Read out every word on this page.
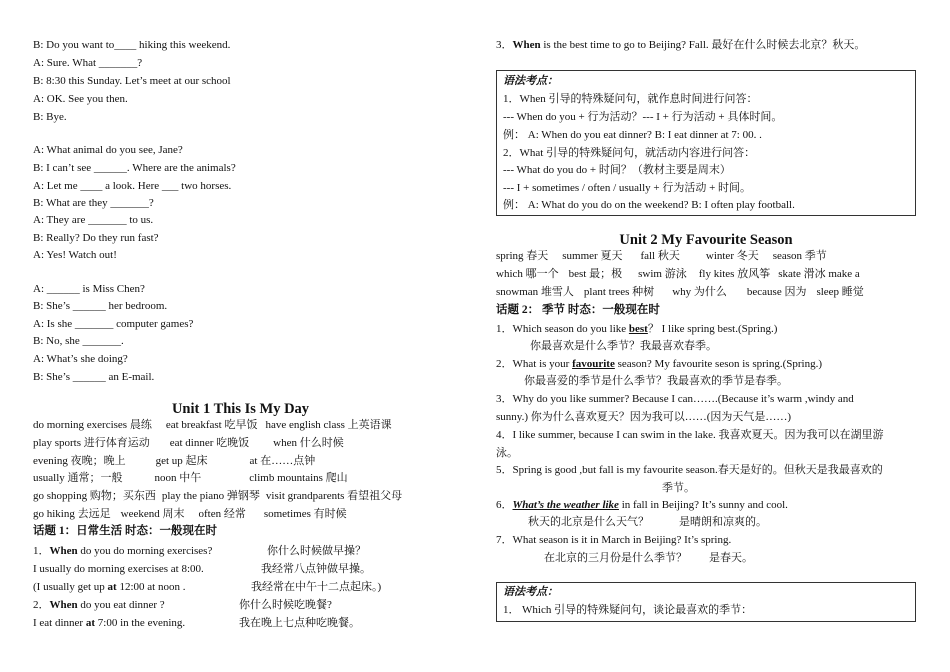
B: Do you want to____ hiking this weekend.
A: Sure. What _______?
B: 8:30 this Sunday. Let’s meet at our school
A: OK. See you then.
B: Bye.
A: What animal do you see, Jane?
B: I can’t see ______. Where are the animals?
A: Let me ____ a look. Here ___ two horses.
B: What are they _______?
A: They are _______ to us.
B: Really? Do they run fast?
A: Yes! Watch out!
A: ______ is Miss Chen?
B: She’s ______ her bedroom.
A: Is she _______ computer games?
B: No, she _______.
A: What’s she doing?
B: She’s ______ an E-mail.
Unit 1 This Is My Day
do morning exercises 晨练 eat breakfast 吃早饭 have english class 上英语课
play sports 进行体育运动 eat dinner 吃晚饭 when 什么时候
evening 夜晚；晚上	get up 起床	at 在……点钟
usually 通常；一般	noon 中午	climb mountains 爬山
go shopping 购物；买东西 play the piano 弹钢琴 visit grandparents 看望祖父母
go hiking 去远足 weekend 周末 often 经常 sometimes 有时候
话题 1：日常生活 时态：一般现在时
1．When do you do morning exercises?	你什么时候做早操？
I usually do morning exercises at 8:00.	我经常八点钟做早操。
(I usually get up at 12:00 at noon .	我经常在中午十二点起床。)
2．When do you eat dinner ?	你什么时候吃晚餐?
I eat dinner at 7:00 in the evening.	我在晚上七点种吃晚餐。
3．When is the best time to go to Beijing? Fall. 最好在什么时候去北京？秋天。
语法考点：
1．When 引导的特殊疑问句，就作息时间进行问答：
--- When do you + 行为活动？--- I + 行为活动 + 具体时间。
例： A: When do you eat dinner? B: I eat dinner at 7: 00. .
2．What 引导的特殊疑问句，就活动内容进行问答：
--- What do you do + 时间？（教材主要是周末）
--- I + sometimes / often / usually + 行为活动 + 时间。
例： A: What do you do on the weekend? B: I often play football.
Unit 2 My Favourite Season
spring 春天 summer 夏天 fall 秋天 winter 冬天 season 季节
which 哪一个 best 最；极 swim 游泳 fly kites 放风筝 skate 滑冰 make a
snowman 堆雪人 plant trees 种树 why 为什么 because 因为 sleep 睡觉
话题 2： 季节 时态：一般现在时
1．Which season do you like best？ I like spring best.(Spring.)
你最喜欢是什么季节？我最喜欢春季。
2．What is your favourite season? My favourite seson is spring.(Spring.)
你最喜爱的季节是什么季节？我最喜欢的季节是春季。
3．Why do you like summer? Because I can…….(Because it’s warm ,windy and
sunny.) 你为什么喜欢夏天？因为我可以……(因为天气是……)
4．I like summer, because I can swim in the lake. 我喜欢夏天。因为我可以在湖里游
泳。
5．Spring is good ,but fall is my favourite season.春天是好的。但秋天是我最喜欢的
季节。
6．What’s the weather like in fall in Beijing? It’s sunny and cool.
秋天的北京是什么天气？	是晴朗和凉爽的。
7．What season is it in March in Beijing? It’s spring.
在北京的三月份是什么季节？ 是春天。
语法考点：
1． Which 引导的特殊疑问句，谈论最喜欢的季节：
